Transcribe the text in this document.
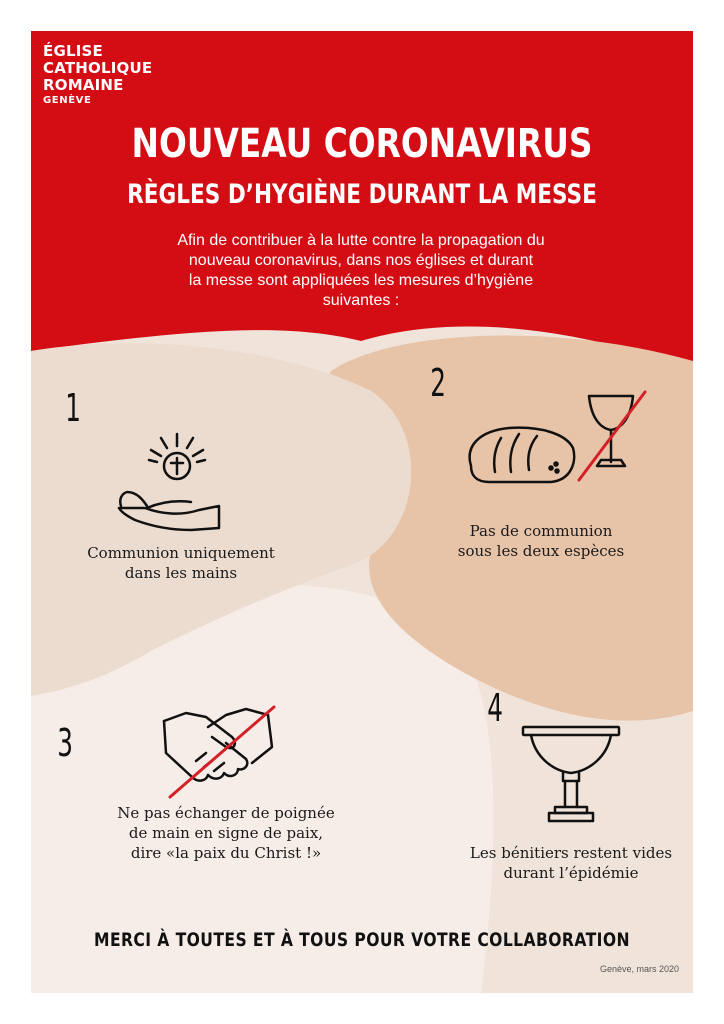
ÉGLISE
CATHOLIQUE
ROMAINE
GENÈVE
NOUVEAU CORONAVIRUS
RÈGLES D’HYGIÈNE DURANT LA MESSE
Afin de contribuer à la lutte contre la propagation du
nouveau coronavirus, dans nos églises et durant
la messe sont appliquées les mesures d’hygiène
suivantes :
1
Communion uniquement
dans les mains
2
Pas de communion
sous les deux espèces
3
Ne pas échanger de poignée
de main en signe de paix,
dire «la paix du Christ !»
4
Les bénitiers restent vides
durant l’épidémie
MERCI À TOUTES ET À TOUS POUR VOTRE COLLABORATION
Genève, mars 2020
